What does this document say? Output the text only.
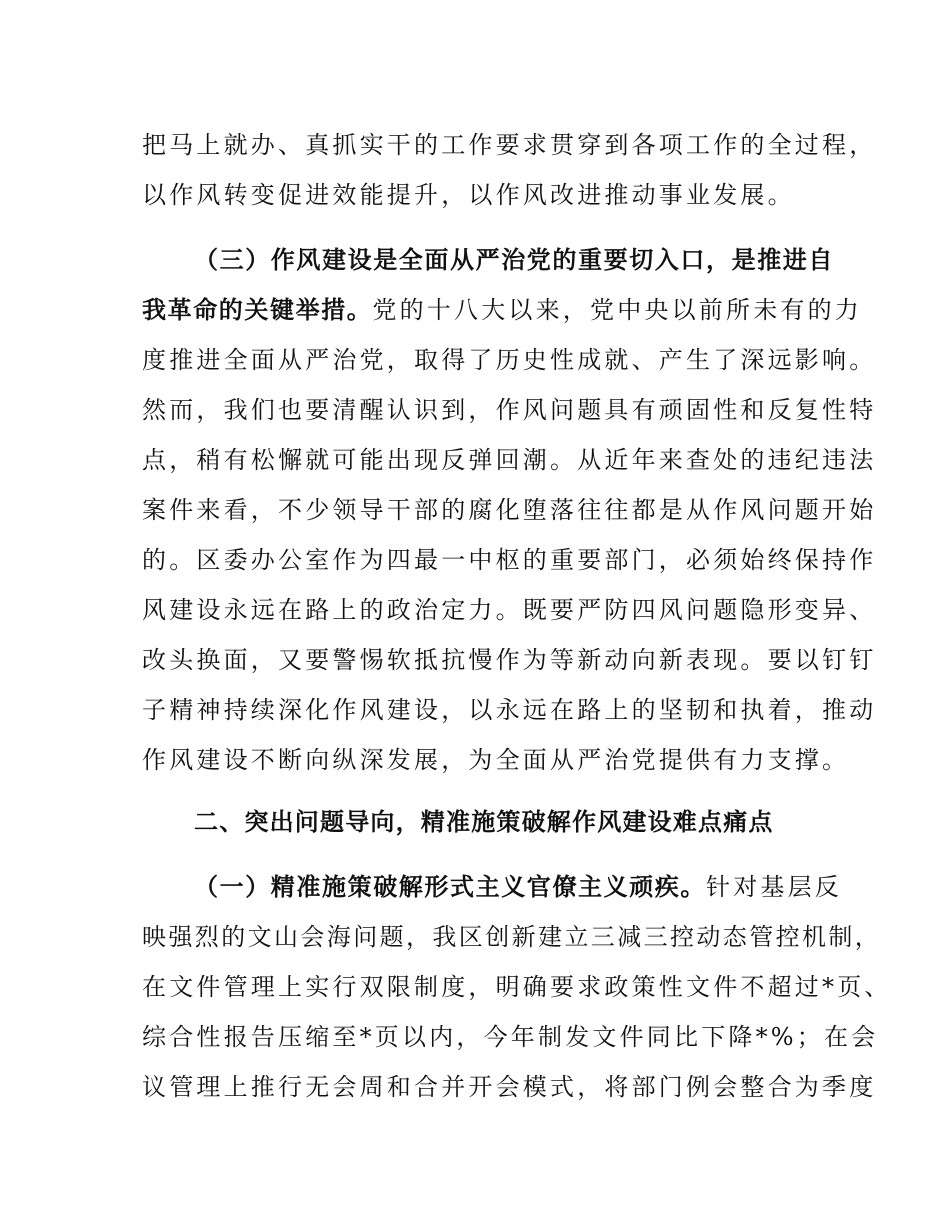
把马上就办、真抓实干的工作要求贯穿到各项工作的全过程，
以作风转变促进效能提升，以作风改进推动事业发展。
（三）作风建设是全面从严治党的重要切入口，是推进自
我革命的关键举措。党的十八大以来，党中央以前所未有的力
度推进全面从严治党，取得了历史性成就、产生了深远影响。
然而，我们也要清醒认识到，作风问题具有顽固性和反复性特
点，稍有松懈就可能出现反弹回潮。从近年来查处的违纪违法
案件来看，不少领导干部的腐化堕落往往都是从作风问题开始
的。区委办公室作为四最一中枢的重要部门，必须始终保持作
风建设永远在路上的政治定力。既要严防四风问题隐形变异、
改头换面，又要警惕软抵抗慢作为等新动向新表现。要以钉钉
子精神持续深化作风建设，以永远在路上的坚韧和执着，推动
作风建设不断向纵深发展，为全面从严治党提供有力支撑。
二、突出问题导向，精准施策破解作风建设难点痛点
（一）精准施策破解形式主义官僚主义顽疾。针对基层反
映强烈的文山会海问题，我区创新建立三减三控动态管控机制，
在文件管理上实行双限制度，明确要求政策性文件不超过*页、
综合性报告压缩至*页以内，今年制发文件同比下降*%；在会
议管理上推行无会周和合并开会模式，将部门例会整合为季度
